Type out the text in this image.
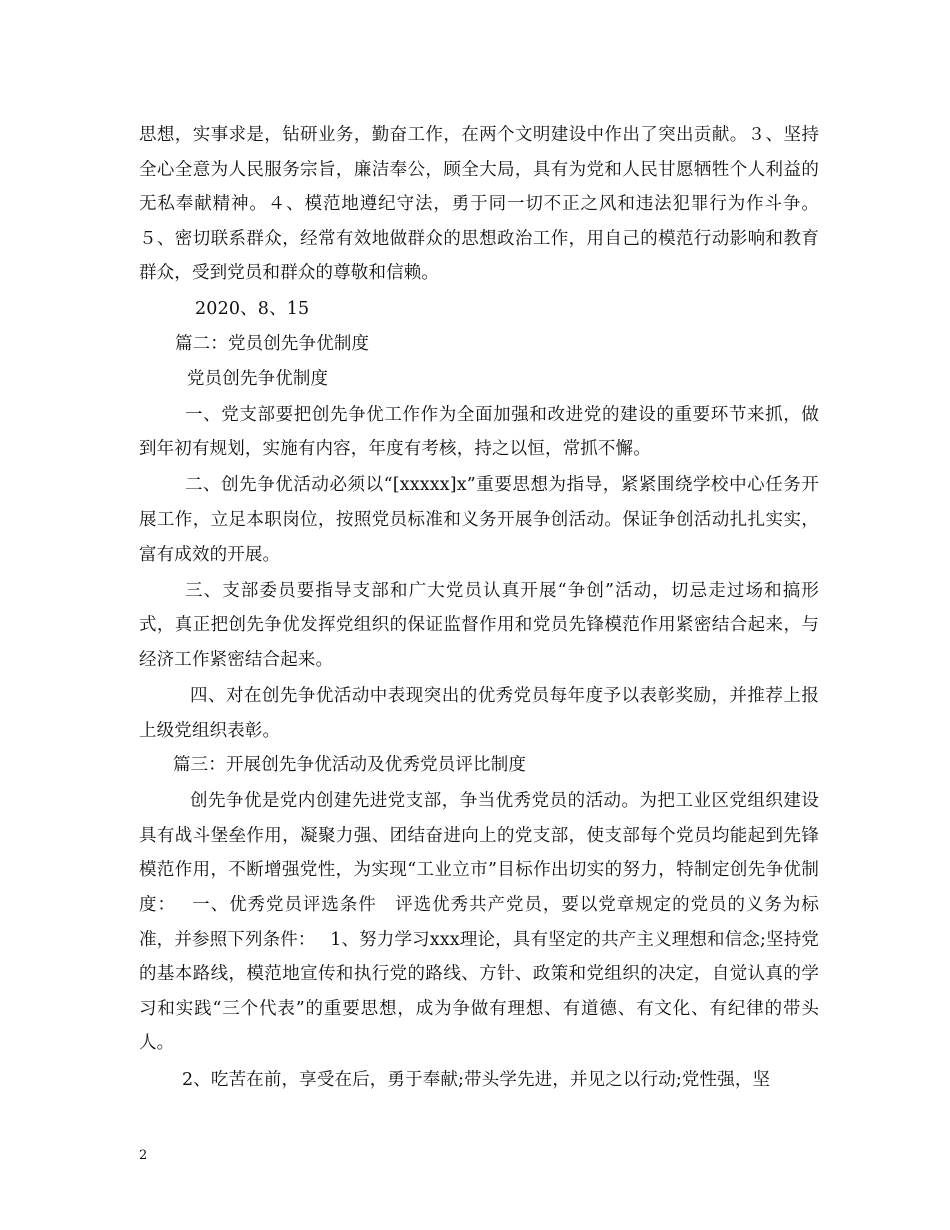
思想，实事求是，钻研业务，勤奋工作，在两个文明建设中作出了突出贡献。３、坚持全心全意为人民服务宗旨，廉洁奉公，顾全大局，具有为党和人民甘愿牺牲个人利益的无私奉献精神。４、模范地遵纪守法，勇于同一切不正之风和违法犯罪行为作斗争。５、密切联系群众，经常有效地做群众的思想政治工作，用自己的模范行动影响和教育群众，受到党员和群众的尊敬和信赖。

2020、8、15

篇二：党员创先争优制度

党员创先争优制度

一、党支部要把创先争优工作作为全面加强和改进党的建设的重要环节来抓，做到年初有规划，实施有内容，年度有考核，持之以恒，常抓不懈。

二、创先争优活动必须以“[xxxxx]x”重要思想为指导，紧紧围绕学校中心任务开展工作，立足本职岗位，按照党员标准和义务开展争创活动。保证争创活动扎扎实实，富有成效的开展。

三、支部委员要指导支部和广大党员认真开展“争创”活动，切忌走过场和搞形式，真正把创先争优发挥党组织的保证监督作用和党员先锋模范作用紧密结合起来，与经济工作紧密结合起来。

四、对在创先争优活动中表现突出的优秀党员每年度予以表彰奖励，并推荐上报上级党组织表彰。

篇三：开展创先争优活动及优秀党员评比制度

创先争优是党内创建先进党支部，争当优秀党员的活动。为把工业区党组织建设具有战斗堡垒作用，凝聚力强、团结奋进向上的党支部，使支部每个党员均能起到先锋模范作用，不断增强党性，为实现“工业立市”目标作出切实的努力，特制定创先争优制度：　 一、优秀党员评选条件　评选优秀共产党员，要以党章规定的党员的义务为标准，并参照下列条件：　 1、努力学习xxx理论，具有坚定的共产主义理想和信念;坚持党的基本路线，模范地宣传和执行党的路线、方针、政策和党组织的决定，自觉认真的学习和实践“三个代表”的重要思想，成为争做有理想、有道德、有文化、有纪律的带头人。

2、吃苦在前，享受在后，勇于奉献;带头学先进，并见之以行动;党性强，坚

2
